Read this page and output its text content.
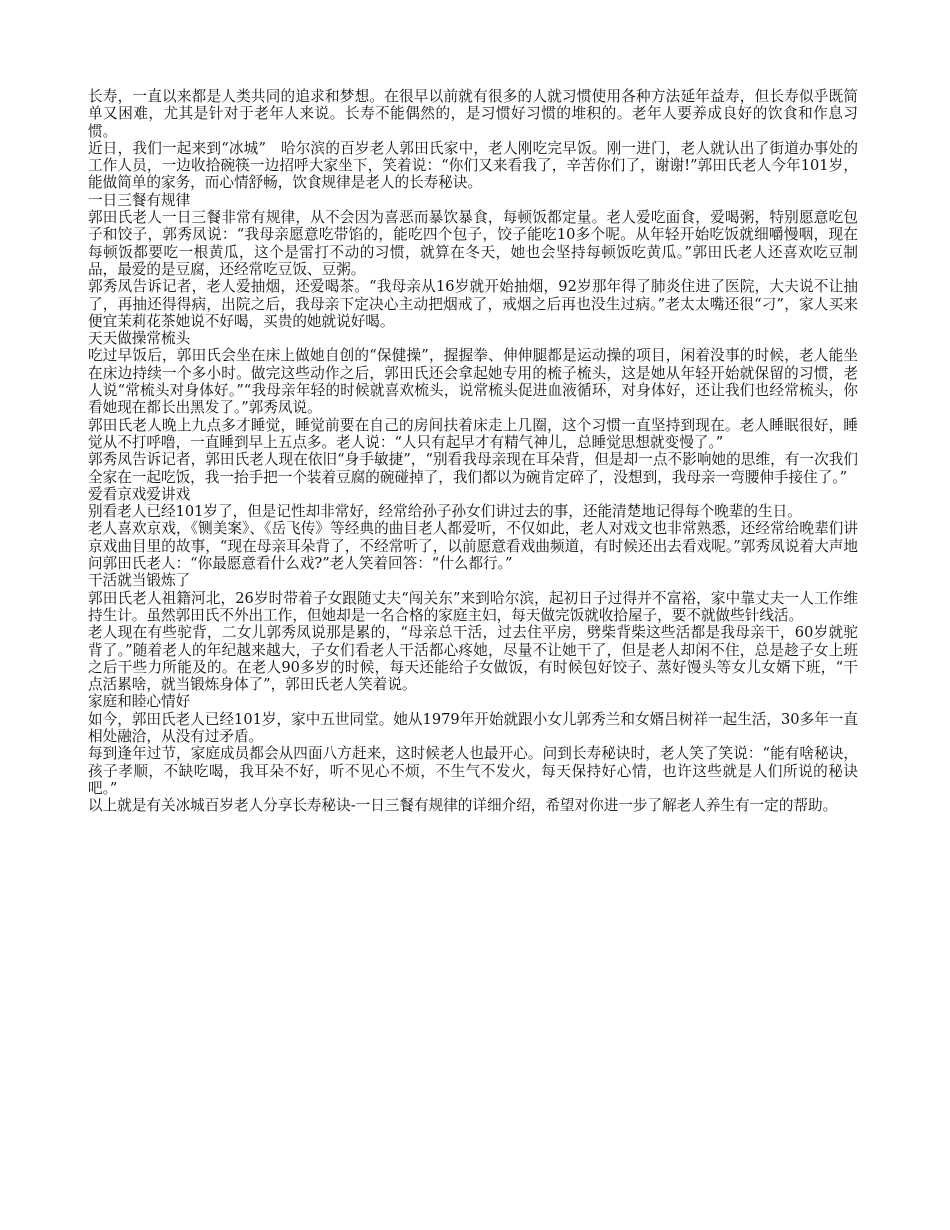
长寿，一直以来都是人类共同的追求和梦想。在很早以前就有很多的人就习惯使用各种方法延年益寿，但长寿似乎既简单又困难，尤其是针对于老年人来说。长寿不能偶然的，是习惯好习惯的堆积的。老年人要养成良好的饮食和作息习惯。

近日，我们一起来到“冰城”　哈尔滨的百岁老人郭田氏家中，老人刚吃完早饭。刚一进门，老人就认出了街道办事处的工作人员，一边收拾碗筷一边招呼大家坐下，笑着说：“你们又来看我了，辛苦你们了，谢谢!”郭田氏老人今年101岁，能做简单的家务，而心情舒畅，饮食规律是老人的长寿秘诀。

一日三餐有规律

郭田氏老人一日三餐非常有规律，从不会因为喜恶而暴饮暴食，每顿饭都定量。老人爱吃面食，爱喝粥，特别愿意吃包子和饺子，郭秀凤说：“我母亲愿意吃带馅的，能吃四个包子，饺子能吃10多个呢。从年轻开始吃饭就细嚼慢咽，现在每顿饭都要吃一根黄瓜，这个是雷打不动的习惯，就算在冬天，她也会坚持每顿饭吃黄瓜。”郭田氏老人还喜欢吃豆制品，最爱的是豆腐，还经常吃豆饭、豆粥。

郭秀凤告诉记者，老人爱抽烟，还爱喝茶。“我母亲从16岁就开始抽烟，92岁那年得了肺炎住进了医院，大夫说不让抽了，再抽还得得病，出院之后，我母亲下定决心主动把烟戒了，戒烟之后再也没生过病。”老太太嘴还很“刁”，家人买来便宜茉莉花茶她说不好喝，买贵的她就说好喝。

天天做操常梳头

吃过早饭后，郭田氏会坐在床上做她自创的“保健操”，握握拳、伸伸腿都是运动操的项目，闲着没事的时候，老人能坐在床边持续一个多小时。做完这些动作之后，郭田氏还会拿起她专用的梳子梳头，这是她从年轻开始就保留的习惯，老人说“常梳头对身体好。”“我母亲年轻的时候就喜欢梳头，说常梳头促进血液循环，对身体好，还让我们也经常梳头，你看她现在都长出黑发了。”郭秀凤说。

郭田氏老人晚上九点多才睡觉，睡觉前要在自己的房间扶着床走上几圈，这个习惯一直坚持到现在。老人睡眠很好，睡觉从不打呼噜，一直睡到早上五点多。老人说：“人只有起早才有精气神儿，总睡觉思想就变慢了。”

郭秀凤告诉记者，郭田氏老人现在依旧“身手敏捷”，“别看我母亲现在耳朵背，但是却一点不影响她的思维，有一次我们全家在一起吃饭，我一抬手把一个装着豆腐的碗碰掉了，我们都以为碗肯定碎了，没想到，我母亲一弯腰伸手接住了。”

爱看京戏爱讲戏

别看老人已经101岁了，但是记性却非常好，经常给孙子孙女们讲过去的事，还能清楚地记得每个晚辈的生日。

老人喜欢京戏，《铡美案》、《岳飞传》等经典的曲目老人都爱听，不仅如此，老人对戏文也非常熟悉，还经常给晚辈们讲京戏曲目里的故事，“现在母亲耳朵背了，不经常听了，以前愿意看戏曲频道，有时候还出去看戏呢。”郭秀凤说着大声地问郭田氏老人：“你最愿意看什么戏?”老人笑着回答：“什么都行。”

干活就当锻炼了

郭田氏老人祖籍河北，26岁时带着子女跟随丈夫“闯关东”来到哈尔滨，起初日子过得并不富裕，家中靠丈夫一人工作维持生计。虽然郭田氏不外出工作，但她却是一名合格的家庭主妇，每天做完饭就收拾屋子，要不就做些针线活。

老人现在有些驼背，二女儿郭秀凤说那是累的，“母亲总干活，过去住平房，劈柴背柴这些活都是我母亲干，60岁就驼背了。”随着老人的年纪越来越大，子女们看老人干活都心疼她，尽量不让她干了，但是老人却闲不住，总是趁子女上班之后干些力所能及的。在老人90多岁的时候，每天还能给子女做饭，有时候包好饺子、蒸好馒头等女儿女婿下班，“干点活累啥，就当锻炼身体了”，郭田氏老人笑着说。

家庭和睦心情好

如今，郭田氏老人已经101岁，家中五世同堂。她从1979年开始就跟小女儿郭秀兰和女婿吕树祥一起生活，30多年一直相处融洽，从没有过矛盾。

每到逢年过节，家庭成员都会从四面八方赶来，这时候老人也最开心。问到长寿秘诀时，老人笑了笑说：“能有啥秘诀，孩子孝顺，不缺吃喝，我耳朵不好，听不见心不烦，不生气不发火，每天保持好心情，也许这些就是人们所说的秘诀吧。”

以上就是有关冰城百岁老人分享长寿秘诀-一日三餐有规律的详细介绍，希望对你进一步了解老人养生有一定的帮助。
